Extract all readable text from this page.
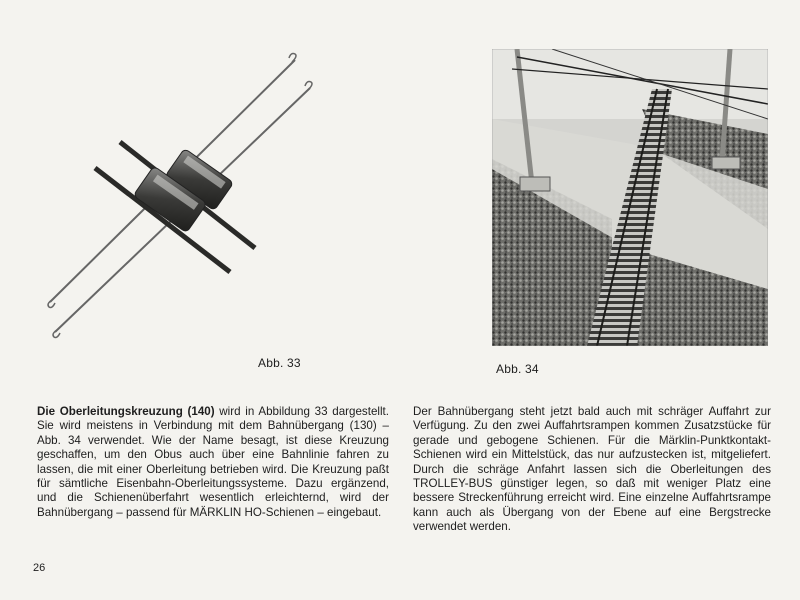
Abb. 33	Abb. 34
Die Oberleitungskreuzung (140) wird in Abbildung 33 dargestellt. Sie wird meistens in Verbindung mit dem Bahnübergang (130) – Abb. 34 verwendet. Wie der Name besagt, ist diese Kreuzung geschaffen, um den Obus auch über eine Bahnlinie fahren zu lassen, die mit einer Oberleitung betrieben wird. Die Kreuzung paßt für sämtliche Eisenbahn-Oberleitungssysteme. Dazu ergänzend, und die Schienenüberfahrt wesentlich erleichternd, wird der Bahnübergang – passend für MÄRKLIN HO-Schienen – eingebaut.
Der Bahnübergang steht jetzt bald auch mit schräger Auffahrt zur Verfügung. Zu den zwei Auffahrtsrampen kommen Zusatzstücke für gerade und gebogene Schienen. Für die Märklin-Punktkontakt-Schienen wird ein Mittelstück, das nur aufzustecken ist, mitgeliefert. Durch die schräge Anfahrt lassen sich die Oberleitungen des TROLLEY-BUS günstiger legen, so daß mit weniger Platz eine bessere Streckenführung erreicht wird. Eine einzelne Auffahrtsrampe kann auch als Übergang von der Ebene auf eine Bergstrecke verwendet werden.
26
